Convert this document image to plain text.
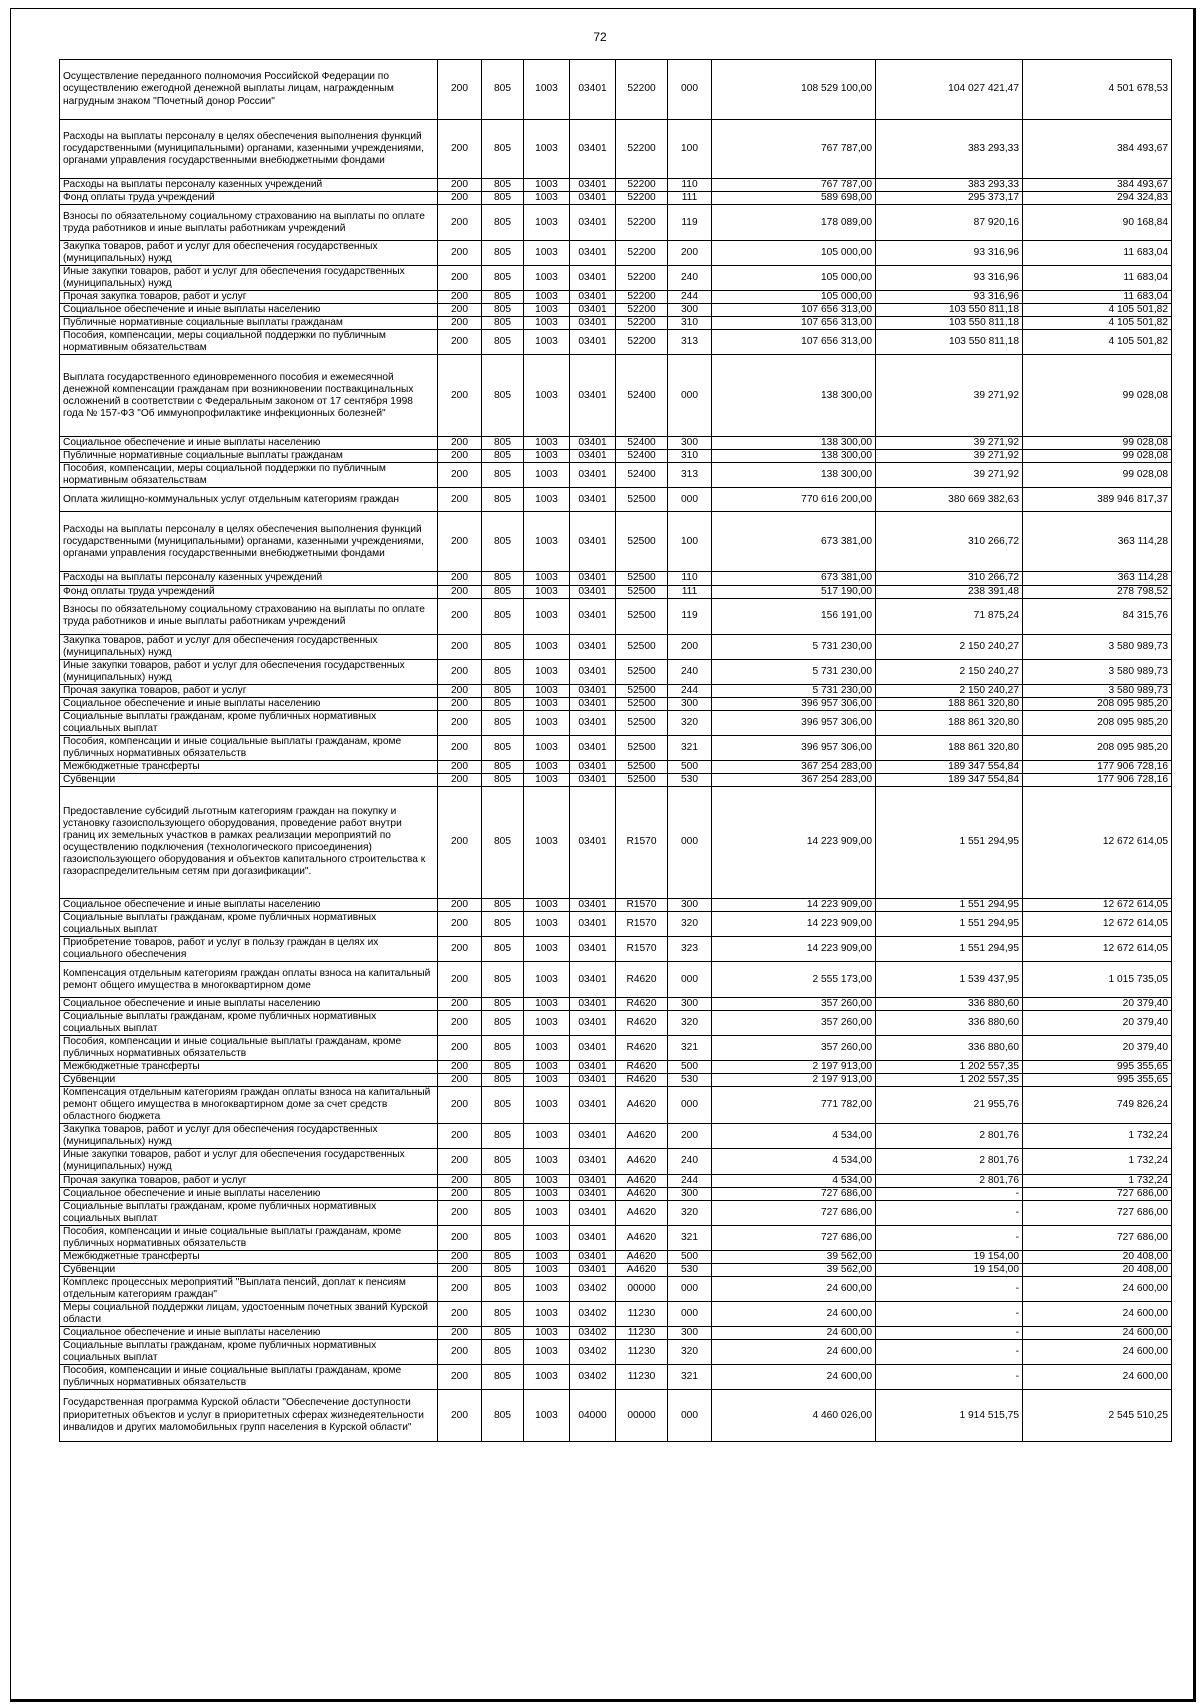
72
Осуществление переданного полномочия Российской Федерации по осуществлению ежегодной денежной выплаты лицам, награжденным нагрудным знаком "Почетный донор России"	200	805	1003	03401	52200	000	108 529 100,00	104 027 421,47	4 501 678,53
Расходы на выплаты персоналу в целях обеспечения выполнения функций государственными (муниципальными) органами, казенными учреждениями, органами управления государственными внебюджетными фондами	200	805	1003	03401	52200	100	767 787,00	383 293,33	384 493,67
Расходы на выплаты персоналу казенных учреждений	200	805	1003	03401	52200	110	767 787,00	383 293,33	384 493,67
Фонд оплаты труда учреждений	200	805	1003	03401	52200	111	589 698,00	295 373,17	294 324,83
Взносы по обязательному социальному страхованию на выплаты по оплате труда работников и иные выплаты работникам учреждений	200	805	1003	03401	52200	119	178 089,00	87 920,16	90 168,84
Закупка товаров, работ и услуг для обеспечения государственных (муниципальных) нужд	200	805	1003	03401	52200	200	105 000,00	93 316,96	11 683,04
Иные закупки товаров, работ и услуг для обеспечения государственных (муниципальных) нужд	200	805	1003	03401	52200	240	105 000,00	93 316,96	11 683,04
Прочая закупка товаров, работ и услуг	200	805	1003	03401	52200	244	105 000,00	93 316,96	11 683,04
Социальное обеспечение и иные выплаты населению	200	805	1003	03401	52200	300	107 656 313,00	103 550 811,18	4 105 501,82
Публичные нормативные социальные выплаты гражданам	200	805	1003	03401	52200	310	107 656 313,00	103 550 811,18	4 105 501,82
Пособия, компенсации, меры социальной поддержки по публичным нормативным обязательствам	200	805	1003	03401	52200	313	107 656 313,00	103 550 811,18	4 105 501,82
Выплата государственного единовременного пособия и ежемесячной денежной компенсации гражданам при возникновении поствакцинальных осложнений в соответствии с Федеральным законом от 17 сентября 1998 года № 157-ФЗ "Об иммунопрофилактике инфекционных болезней"	200	805	1003	03401	52400	000	138 300,00	39 271,92	99 028,08
Социальное обеспечение и иные выплаты населению	200	805	1003	03401	52400	300	138 300,00	39 271,92	99 028,08
Публичные нормативные социальные выплаты гражданам	200	805	1003	03401	52400	310	138 300,00	39 271,92	99 028,08
Пособия, компенсации, меры социальной поддержки по публичным нормативным обязательствам	200	805	1003	03401	52400	313	138 300,00	39 271,92	99 028,08
Оплата жилищно-коммунальных услуг отдельным категориям граждан	200	805	1003	03401	52500	000	770 616 200,00	380 669 382,63	389 946 817,37
Расходы на выплаты персоналу в целях обеспечения выполнения функций государственными (муниципальными) органами, казенными учреждениями, органами управления государственными внебюджетными фондами	200	805	1003	03401	52500	100	673 381,00	310 266,72	363 114,28
Расходы на выплаты персоналу казенных учреждений	200	805	1003	03401	52500	110	673 381,00	310 266,72	363 114,28
Фонд оплаты труда учреждений	200	805	1003	03401	52500	111	517 190,00	238 391,48	278 798,52
Взносы по обязательному социальному страхованию на выплаты по оплате труда работников и иные выплаты работникам учреждений	200	805	1003	03401	52500	119	156 191,00	71 875,24	84 315,76
Закупка товаров, работ и услуг для обеспечения государственных (муниципальных) нужд	200	805	1003	03401	52500	200	5 731 230,00	2 150 240,27	3 580 989,73
Иные закупки товаров, работ и услуг для обеспечения государственных (муниципальных) нужд	200	805	1003	03401	52500	240	5 731 230,00	2 150 240,27	3 580 989,73
Прочая закупка товаров, работ и услуг	200	805	1003	03401	52500	244	5 731 230,00	2 150 240,27	3 580 989,73
Социальное обеспечение и иные выплаты населению	200	805	1003	03401	52500	300	396 957 306,00	188 861 320,80	208 095 985,20
Социальные выплаты гражданам, кроме публичных нормативных социальных выплат	200	805	1003	03401	52500	320	396 957 306,00	188 861 320,80	208 095 985,20
Пособия, компенсации и иные социальные выплаты гражданам, кроме публичных нормативных обязательств	200	805	1003	03401	52500	321	396 957 306,00	188 861 320,80	208 095 985,20
Межбюджетные трансферты	200	805	1003	03401	52500	500	367 254 283,00	189 347 554,84	177 906 728,16
Субвенции	200	805	1003	03401	52500	530	367 254 283,00	189 347 554,84	177 906 728,16
Предоставление субсидий льготным категориям граждан на покупку и установку газоиспользующего оборудования, проведение работ внутри границ их земельных участков в рамках реализации мероприятий по осуществлению подключения (технологического присоединения) газоиспользующего оборудования и объектов капитального строительства к газораспределительным сетям при догазификации".	200	805	1003	03401	R1570	000	14 223 909,00	1 551 294,95	12 672 614,05
Социальное обеспечение и иные выплаты населению	200	805	1003	03401	R1570	300	14 223 909,00	1 551 294,95	12 672 614,05
Социальные выплаты гражданам, кроме публичных нормативных социальных выплат	200	805	1003	03401	R1570	320	14 223 909,00	1 551 294,95	12 672 614,05
Приобретение товаров, работ и услуг в пользу граждан в целях их социального обеспечения	200	805	1003	03401	R1570	323	14 223 909,00	1 551 294,95	12 672 614,05
Компенсация отдельным категориям граждан оплаты взноса на капитальный ремонт общего имущества в многоквартирном доме	200	805	1003	03401	R4620	000	2 555 173,00	1 539 437,95	1 015 735,05
Социальное обеспечение и иные выплаты населению	200	805	1003	03401	R4620	300	357 260,00	336 880,60	20 379,40
Социальные выплаты гражданам, кроме публичных нормативных социальных выплат	200	805	1003	03401	R4620	320	357 260,00	336 880,60	20 379,40
Пособия, компенсации и иные социальные выплаты гражданам, кроме публичных нормативных обязательств	200	805	1003	03401	R4620	321	357 260,00	336 880,60	20 379,40
Межбюджетные трансферты	200	805	1003	03401	R4620	500	2 197 913,00	1 202 557,35	995 355,65
Субвенции	200	805	1003	03401	R4620	530	2 197 913,00	1 202 557,35	995 355,65
Компенсация отдельным категориям граждан оплаты взноса на капитальный ремонт общего имущества в многоквартирном доме за счет средств областного бюджета	200	805	1003	03401	А4620	000	771 782,00	21 955,76	749 826,24
Закупка товаров, работ и услуг для обеспечения государственных (муниципальных) нужд	200	805	1003	03401	А4620	200	4 534,00	2 801,76	1 732,24
Иные закупки товаров, работ и услуг для обеспечения государственных (муниципальных) нужд	200	805	1003	03401	А4620	240	4 534,00	2 801,76	1 732,24
Прочая закупка товаров, работ и услуг	200	805	1003	03401	А4620	244	4 534,00	2 801,76	1 732,24
Социальное обеспечение и иные выплаты населению	200	805	1003	03401	А4620	300	727 686,00	-	727 686,00
Социальные выплаты гражданам, кроме публичных нормативных социальных выплат	200	805	1003	03401	А4620	320	727 686,00	-	727 686,00
Пособия, компенсации и иные социальные выплаты гражданам, кроме публичных нормативных обязательств	200	805	1003	03401	А4620	321	727 686,00	-	727 686,00
Межбюджетные трансферты	200	805	1003	03401	А4620	500	39 562,00	19 154,00	20 408,00
Субвенции	200	805	1003	03401	А4620	530	39 562,00	19 154,00	20 408,00
Комплекс процессных мероприятий "Выплата пенсий, доплат к пенсиям отдельным категориям граждан"	200	805	1003	03402	00000	000	24 600,00	-	24 600,00
Меры социальной поддержки лицам, удостоенным почетных званий Курской области	200	805	1003	03402	11230	000	24 600,00	-	24 600,00
Социальное обеспечение и иные выплаты населению	200	805	1003	03402	11230	300	24 600,00	-	24 600,00
Социальные выплаты гражданам, кроме публичных нормативных социальных выплат	200	805	1003	03402	11230	320	24 600,00	-	24 600,00
Пособия, компенсации и иные социальные выплаты гражданам, кроме публичных нормативных обязательств	200	805	1003	03402	11230	321	24 600,00	-	24 600,00
Государственная программа Курской области "Обеспечение доступности приоритетных объектов и услуг в приоритетных сферах жизнедеятельности инвалидов и других маломобильных групп населения в Курской области"	200	805	1003	04000	00000	000	4 460 026,00	1 914 515,75	2 545 510,25
